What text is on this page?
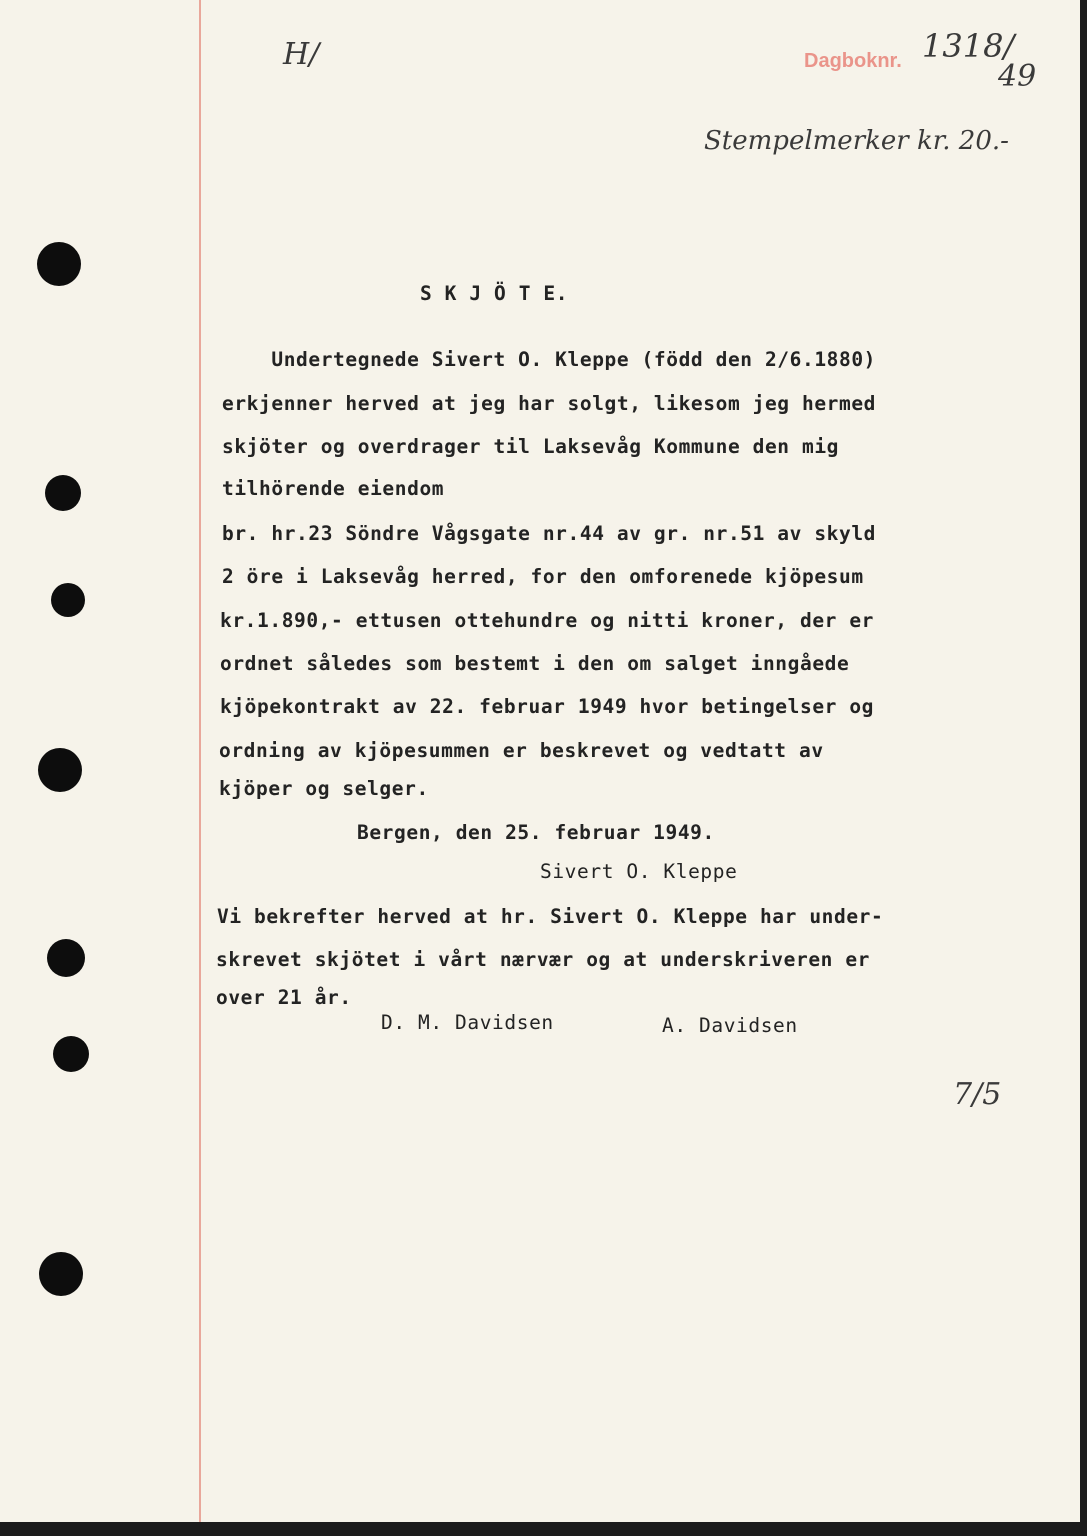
Dagboknr. 1318/
49
H/
Stempelmerker kr. 20.-
S K J Ö T E.
Undertegnede Sivert O. Kleppe (född den 2/6.1880)
erkjenner herved at jeg har solgt, likesom jeg hermed
skjöter og overdrager til Laksevåg Kommune den mig
tilhörende eiendom
br. hr.23 Söndre Vågsgate nr.44 av gr. nr.51 av skyld
2 öre i Laksevåg herred, for den omforenede kjöpesum
kr.1.890,- ettusen ottehundre og nitti kroner, der er
ordnet således som bestemt i den om salget inngåede
kjöpekontrakt av 22. februar 1949 hvor betingelser og
ordning av kjöpesummen er beskrevet og vedtatt av
kjöper og selger.
Bergen, den 25. februar 1949.
Sivert O. Kleppe
Vi bekrefter herved at hr. Sivert O. Kleppe har under-
skrevet skjötet i vårt nærvær og at underskriveren er
over 21 år.
D. M. Davidsen	A. Davidsen
7/5
